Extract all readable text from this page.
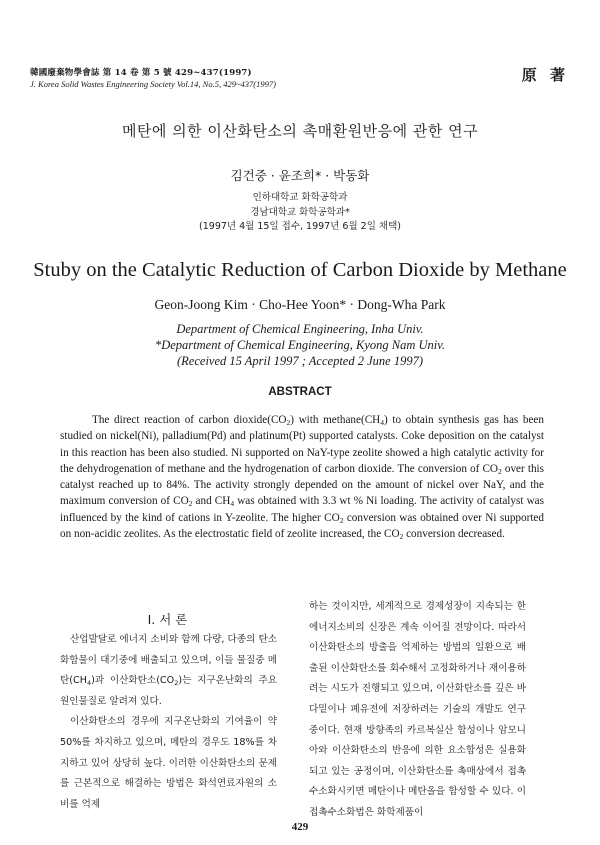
韓國廢棄物學會誌 第 14 卷 第 5 號 429~437(1997)
J. Korea Solid Wastes Engineering Society Vol.14, No.5, 429~437(1997)	原 著
메탄에 의한 이산화탄소의 촉매환원반응에 관한 연구
김건중 · 윤조희* · 박동화
인하대학교 화학공학과
경남대학교 화학공학과*
(1997년 4월 15일 접수, 1997년 6월 2일 채택)
Stuby on the Catalytic Reduction of Carbon Dioxide by Methane
Geon-Joong Kim · Cho-Hee Yoon* · Dong-Wha Park
Department of Chemical Engineering, Inha Univ.
*Department of Chemical Engineering, Kyong Nam Univ.
(Received 15 April 1997 ; Accepted 2 June 1997)
ABSTRACT

The direct reaction of carbon $dioxide(CO_2)$ with $methane(CH_4)$ to obtain synthesis gas has been studied on nickel(Ni), palladium(Pd) and platinum(Pt) supported catalysts. Coke deposition on the catalyst in this reaction has been also studied. Ni supported on NaY-type zeolite showed a high catalytic activity for the dehydrogenation of methane and the hydrogenation of carbon dioxide. The conversion of $CO_2$ over this catalyst reached up to 84%. The activity strongly depended on the amount of nickel over NaY, and the maximum conversion of $CO_2$ and $CH_4$ was obtained with 3.3 wt % Ni loading. The activity of catalyst was influenced by the kind of cations in Y-zeolite. The higher $CO_2$ conversion was obtained over Ni supported on non-acidic zeolites. As the electrostatic field of zeolite increased, the $CO_2$ conversion decreased.

Ⅰ. 서 론

산업발달로 에너지 소비와 함께 다량, 다종의 탄소화합물이 대기중에 배출되고 있으며, 이들 물질중 메탄$(CH_4)$과 이산화탄소$(CO_2)$는 지구온난화의 주요 원인물질로 알려져 있다.

이산화탄소의 경우에 지구온난화의 기여율이 약 50%를 차지하고 있으며, 메탄의 경우도 18%를 차지하고 있어 상당히 높다. 이러한 이산화탄소의 문제를 근본적으로 해결하는 방법은 화석연료자원의 소비를 억제

하는 것이지만, 세계적으로 경제성장이 지속되는 한 에너지소비의 신장은 계속 이어질 전망이다. 따라서 이산화탄소의 방출을 억제하는 방법의 일환으로 배출된 이산화탄소를 회수해서 고정화하거나 재이용하려는 시도가 진행되고 있으며, 이산화탄소를 깊은 바다밑이나 폐유전에 저장하려는 기술의 개발도 연구중이다. 현재 방향족의 카르복실산 합성이나 암모니아와 이산화탄소의 반응에 의한 요소합성은 실용화되고 있는 공정이며, 이산화탄소를 촉매상에서 접촉수소화시키면 메탄이나 메탄올을 합성할 수 있다. 이 접촉수소화법은 화학제품이

429
